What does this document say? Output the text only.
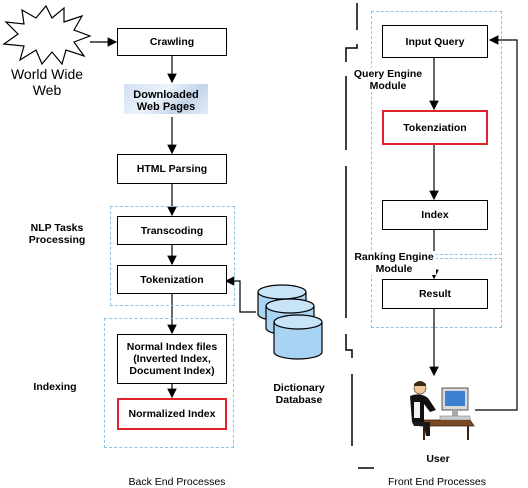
World Wide
Web
Crawling
Downloaded
Web Pages
HTML Parsing
NLP Tasks
Processing
Transcoding
Tokenization
Indexing
Normal Index files
(Inverted Index,
Document Index)
Normalized Index
Dictionary
Database
Input Query
Query Engine
Module
Tokenziation
Index
Ranking Engine
Module
Result
User
Back End Processes	Front End Processes
